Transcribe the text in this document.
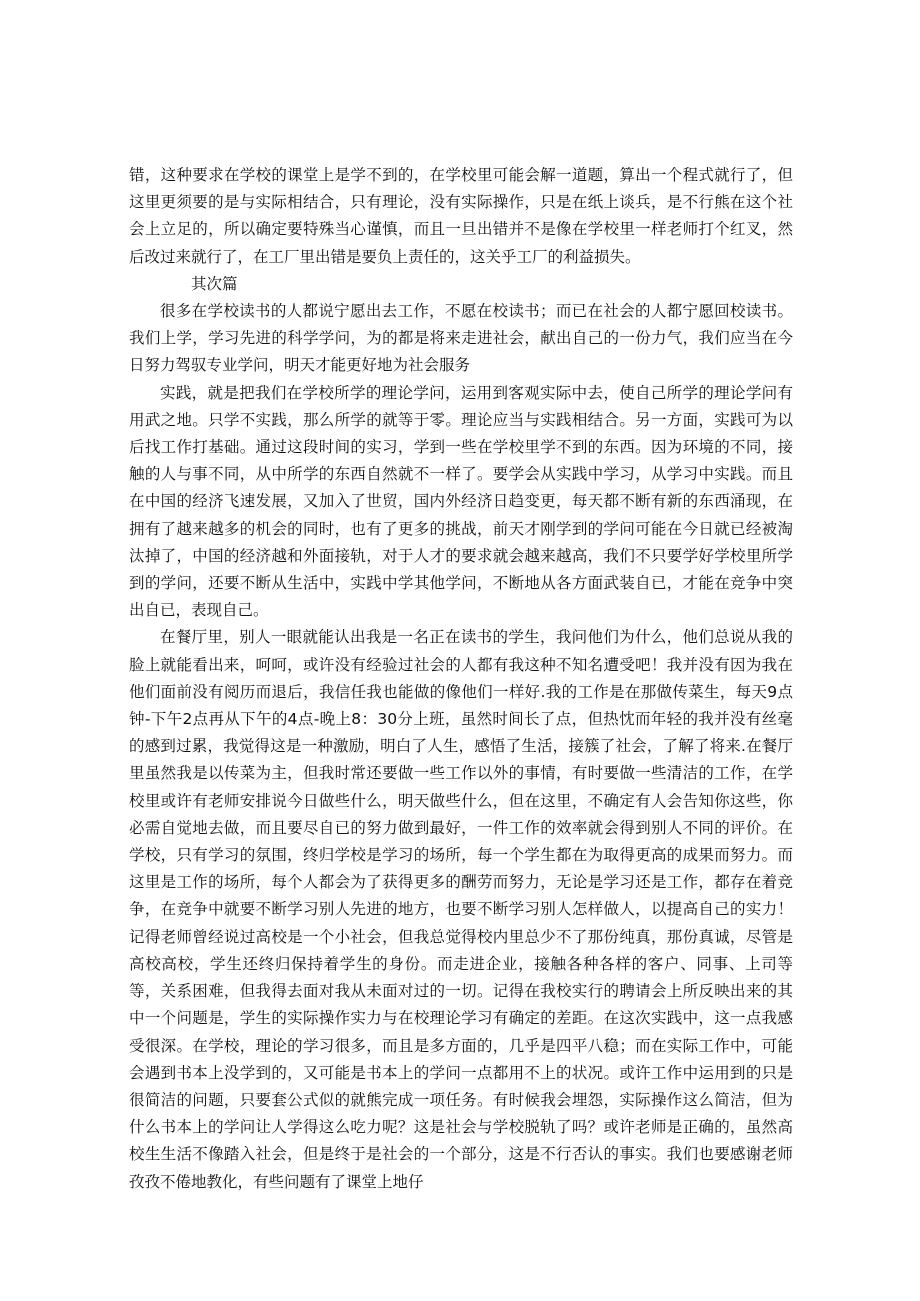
错，这种要求在学校的课堂上是学不到的，在学校里可能会解一道题，算出一个程式就行了，但这里更须要的是与实际相结合，只有理论，没有实际操作，只是在纸上谈兵，是不行熊在这个社会上立足的，所以确定要特殊当心谨慎，而且一旦出错并不是像在学校里一样老师打个红叉，然后改过来就行了，在工厂里出错是要负上责任的，这关乎工厂的利益损失。

其次篇

很多在学校读书的人都说宁愿出去工作，不愿在校读书；而已在社会的人都宁愿回校读书。我们上学，学习先进的科学学问，为的都是将来走进社会，献出自己的一份力气，我们应当在今日努力驾驭专业学问，明天才能更好地为社会服务

实践，就是把我们在学校所学的理论学问，运用到客观实际中去，使自己所学的理论学问有用武之地。只学不实践，那么所学的就等于零。理论应当与实践相结合。另一方面，实践可为以后找工作打基础。通过这段时间的实习，学到一些在学校里学不到的东西。因为环境的不同，接触的人与事不同，从中所学的东西自然就不一样了。要学会从实践中学习，从学习中实践。而且在中国的经济飞速发展，又加入了世贸，国内外经济日趋变更，每天都不断有新的东西涌现，在拥有了越来越多的机会的同时，也有了更多的挑战，前天才刚学到的学问可能在今日就已经被淘汰掉了，中国的经济越和外面接轨，对于人才的要求就会越来越高，我们不只要学好学校里所学到的学问，还要不断从生活中，实践中学其他学问，不断地从各方面武装自已，才能在竞争中突出自已，表现自己。

在餐厅里，别人一眼就能认出我是一名正在读书的学生，我问他们为什么，他们总说从我的脸上就能看出来，呵呵，或许没有经验过社会的人都有我这种不知名遭受吧！我并没有因为我在他们面前没有阅历而退后，我信任我也能做的像他们一样好.我的工作是在那做传菜生，每天9点钟-下午2点再从下午的4点-晚上8：30分上班，虽然时间长了点，但热忱而年轻的我并没有丝毫的感到过累，我觉得这是一种激励，明白了人生，感悟了生活，接簇了社会，了解了将来.在餐厅里虽然我是以传菜为主，但我时常还要做一些工作以外的事情，有时要做一些清洁的工作，在学校里或许有老师安排说今日做些什么，明天做些什么，但在这里，不确定有人会告知你这些，你必需自觉地去做，而且要尽自已的努力做到最好，一件工作的效率就会得到别人不同的评价。在学校，只有学习的氛围，终归学校是学习的场所，每一个学生都在为取得更高的成果而努力。而这里是工作的场所，每个人都会为了获得更多的酬劳而努力，无论是学习还是工作，都存在着竞争，在竞争中就要不断学习别人先进的地方，也要不断学习别人怎样做人，以提高自己的实力！记得老师曾经说过高校是一个小社会，但我总觉得校内里总少不了那份纯真，那份真诚，尽管是高校高校，学生还终归保持着学生的身份。而走进企业，接触各种各样的客户、同事、上司等等，关系困难，但我得去面对我从未面对过的一切。记得在我校实行的聘请会上所反映出来的其中一个问题是，学生的实际操作实力与在校理论学习有确定的差距。在这次实践中，这一点我感受很深。在学校，理论的学习很多，而且是多方面的，几乎是四平八稳；而在实际工作中，可能会遇到书本上没学到的，又可能是书本上的学问一点都用不上的状况。或许工作中运用到的只是很简洁的问题，只要套公式似的就熊完成一项任务。有时候我会埋怨，实际操作这么简洁，但为什么书本上的学问让人学得这么吃力呢？这是社会与学校脱轨了吗？或许老师是正确的，虽然高校生生活不像踏入社会，但是终于是社会的一个部分，这是不行否认的事实。我们也要感谢老师孜孜不倦地教化，有些问题有了课堂上地仔
